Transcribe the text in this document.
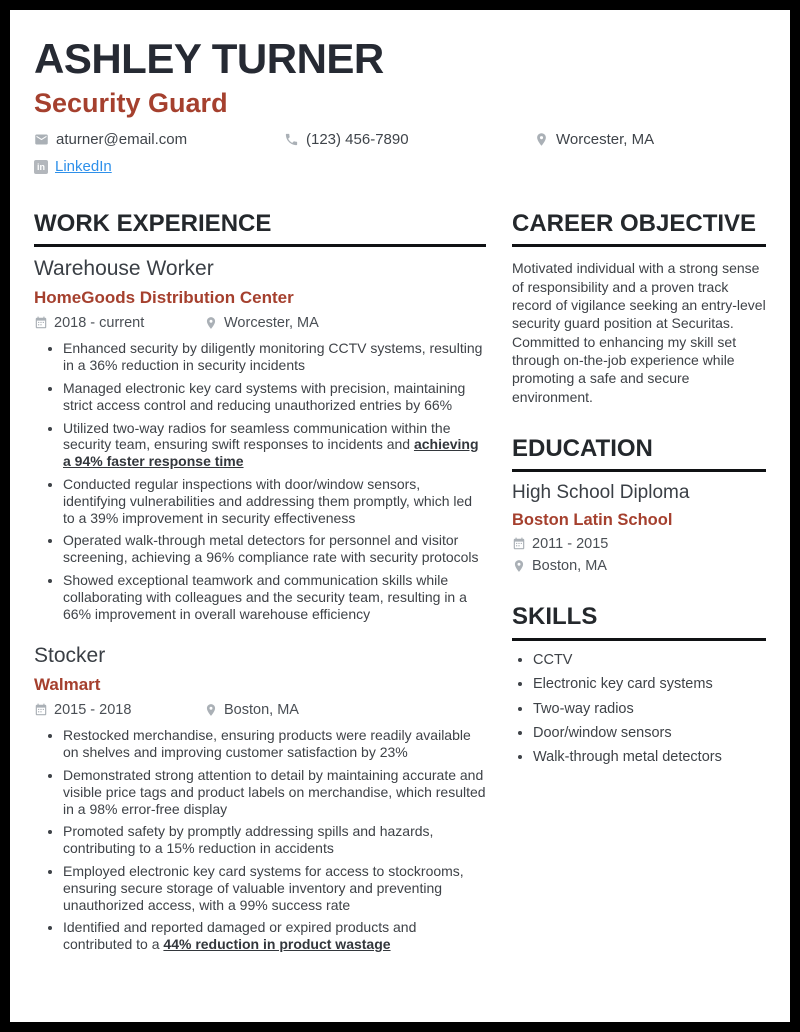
ASHLEY TURNER
Security Guard
aturner@email.com	(123) 456-7890	Worcester, MA
in LinkedIn
WORK EXPERIENCE
Warehouse Worker
HomeGoods Distribution Center
2018 - current	Worcester, MA
• Enhanced security by diligently monitoring CCTV systems, resulting in a 36% reduction in security incidents
• Managed electronic key card systems with precision, maintaining strict access control and reducing unauthorized entries by 66%
• Utilized two-way radios for seamless communication within the security team, ensuring swift responses to incidents and achieving a 94% faster response time
• Conducted regular inspections with door/window sensors, identifying vulnerabilities and addressing them promptly, which led to a 39% improvement in security effectiveness
• Operated walk-through metal detectors for personnel and visitor screening, achieving a 96% compliance rate with security protocols
• Showed exceptional teamwork and communication skills while collaborating with colleagues and the security team, resulting in a 66% improvement in overall warehouse efficiency
Stocker
Walmart
2015 - 2018	Boston, MA
• Restocked merchandise, ensuring products were readily available on shelves and improving customer satisfaction by 23%
• Demonstrated strong attention to detail by maintaining accurate and visible price tags and product labels on merchandise, which resulted in a 98% error-free display
• Promoted safety by promptly addressing spills and hazards, contributing to a 15% reduction in accidents
• Employed electronic key card systems for access to stockrooms, ensuring secure storage of valuable inventory and preventing unauthorized access, with a 99% success rate
• Identified and reported damaged or expired products and contributed to a 44% reduction in product wastage
CAREER OBJECTIVE

Motivated individual with a strong sense of responsibility and a proven track record of vigilance seeking an entry-level security guard position at Securitas. Committed to enhancing my skill set through on-the-job experience while promoting a safe and secure environment.

EDUCATION
High School Diploma
Boston Latin School
2011 - 2015
Boston, MA
SKILLS
• CCTV
• Electronic key card systems
• Two-way radios
• Door/window sensors
• Walk-through metal detectors
